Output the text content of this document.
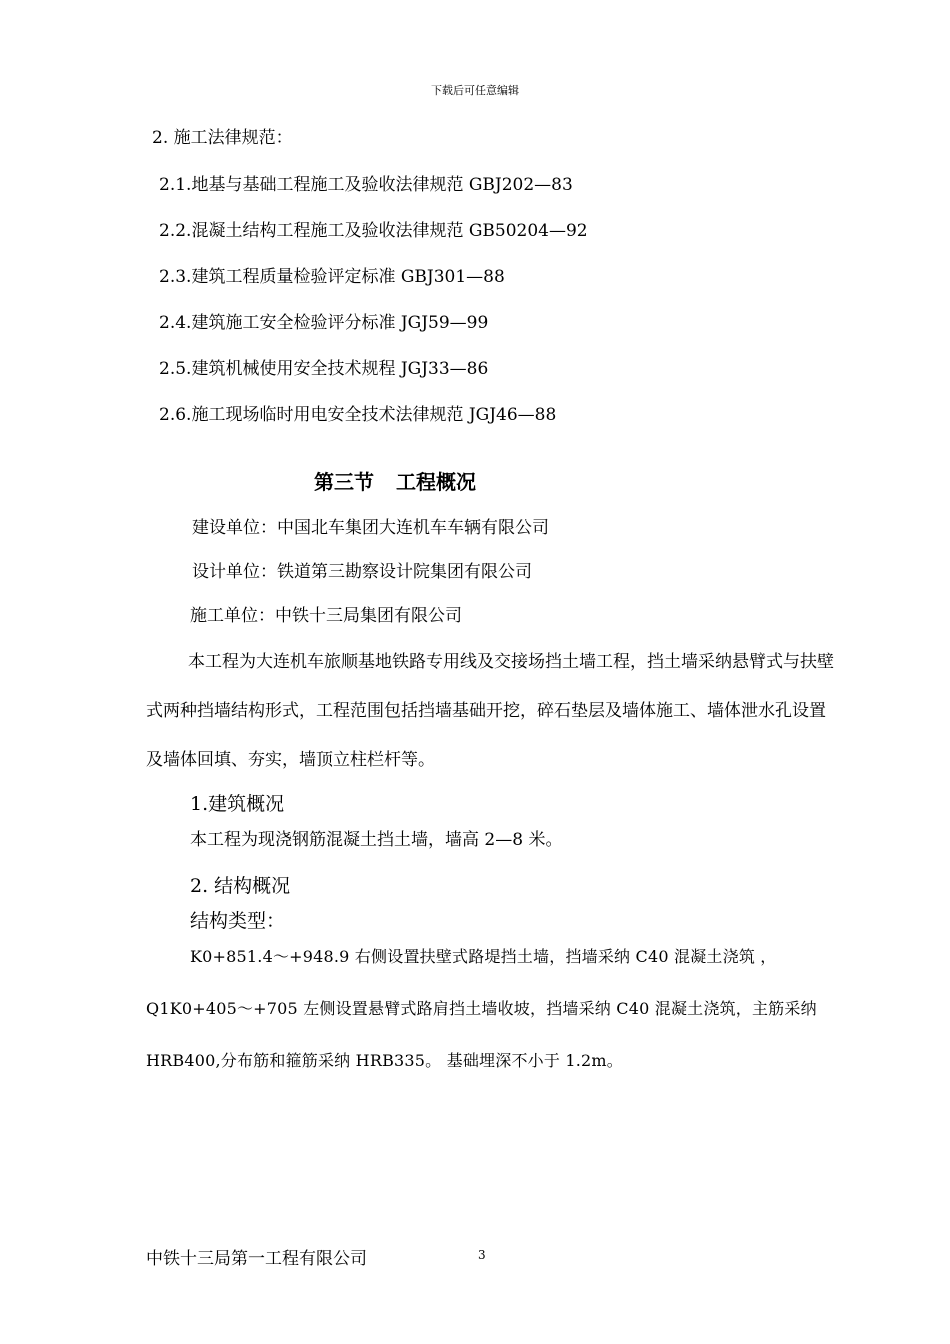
下载后可任意编辑
2. 施工法律规范：
2.1.地基与基础工程施工及验收法律规范 GBJ202—83
2.2.混凝土结构工程施工及验收法律规范 GB50204—92
2.3.建筑工程质量检验评定标准 GBJ301—88
2.4.建筑施工安全检验评分标准 JGJ59—99
2.5.建筑机械使用安全技术规程 JGJ33—86
2.6.施工现场临时用电安全技术法律规范 JGJ46—88
第三节 工程概况
建设单位：中国北车集团大连机车车辆有限公司
设计单位：铁道第三勘察设计院集团有限公司
施工单位：中铁十三局集团有限公司
本工程为大连机车旅顺基地铁路专用线及交接场挡土墙工程，挡土墙采纳悬臂式与扶壁式两种挡墙结构形式，工程范围包括挡墙基础开挖，碎石垫层及墙体施工、墙体泄水孔设置及墙体回填、夯实，墙顶立柱栏杆等。
1.建筑概况
本工程为现浇钢筋混凝土挡土墙，墙高 2—8 米。
2. 结构概况
结构类型：
K0+851.4～+948.9 右侧设置扶壁式路堤挡土墙，挡墙采纳 C40 混凝土浇筑 ，Q1K0+405～+705 左侧设置悬臂式路肩挡土墙收坡，挡墙采纳 C40 混凝土浇筑，主筋采纳 HRB400,分布筋和箍筋采纳 HRB335。 基础埋深不小于 1.2m。
中铁十三局第一工程有限公司	3
